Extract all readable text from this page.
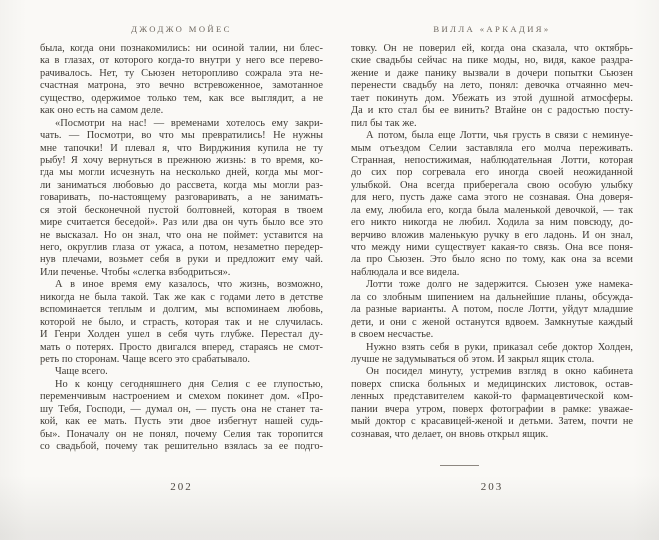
ДЖОДЖО МОЙЕС	ВИЛЛА «АРКАДИЯ»
была, когда они познакомились: ни осиной талии, ни блес-
ка в глазах, от которого когда-то внутри у него все перево-
рачивалось. Нет, ту Сьюзен неторопливо сожрала эта не-
счастная матрона, это вечно встревоженное, замотанное
существо, одержимое только тем, как все выглядит, а не
как оно есть на самом деле.
«Посмотри на нас! — временами хотелось ему закри-
чать. — Посмотри, во что мы превратились! Не нужны
мне тапочки! И плевал я, что Вирджиния купила не ту
рыбу! Я хочу вернуться в прежнюю жизнь: в то время, ко-
гда мы могли исчезнуть на несколько дней, когда мы мог-
ли заниматься любовью до рассвета, когда мы могли раз-
говаривать, по-настоящему разговаривать, а не занимать-
ся этой бесконечной пустой болтовней, которая в твоем
мире считается беседой». Раз или два он чуть было все это
не высказал. Но он знал, что она не поймет: уставится на
него, округлив глаза от ужаса, а потом, незаметно передер-
нув плечами, возьмет себя в руки и предложит ему чай.
Или печенье. Чтобы «слегка взбодриться».
А в иное время ему казалось, что жизнь, возможно,
никогда не была такой. Так же как с годами лето в детстве
вспоминается теплым и долгим, мы вспоминаем любовь,
которой не было, и страсть, которая так и не случилась.
И Генри Холден ушел в себя чуть глубже. Перестал ду-
мать о потерях. Просто двигался вперед, стараясь не смот-
реть по сторонам. Чаще всего это срабатывало.
Чаще всего.
Но к концу сегодняшнего дня Селия с ее глупостью,
переменчивым настроением и смехом покинет дом. «Про-
шу Тебя, Господи, — думал он, — пусть она не станет та-
кой, как ее мать. Пусть эти двое избегнут нашей судь-
бы». Поначалу он не понял, почему Селия так торопится
со свадьбой, почему так решительно взялась за ее подго-
товку. Он не поверил ей, когда она сказала, что октябрь-
ские свадьбы сейчас на пике моды, но, видя, какое раздра-
жение и даже панику вызвали в дочери попытки Сьюзен
перенести свадьбу на лето, понял: девочка отчаянно меч-
тает покинуть дом. Убежать из этой душной атмосферы.
Да и кто стал бы ее винить? Втайне он с радостью посту-
пил бы так же.
А потом, была еще Лотти, чья грусть в связи с неминуе-
мым отъездом Селии заставляла его молча переживать.
Странная, непостижимая, наблюдательная Лотти, которая
до сих пор согревала его иногда своей неожиданной
улыбкой. Она всегда приберегала свою особую улыбку
для него, пусть даже сама этого не сознавая. Она доверя-
ла ему, любила его, когда была маленькой девочкой, — так
его никто никогда не любил. Ходила за ним повсюду, до-
верчиво вложив маленькую ручку в его ладонь. И он знал,
что между ними существует какая-то связь. Она все поня-
ла про Сьюзен. Это было ясно по тому, как она за всеми
наблюдала и все видела.
Лотти тоже долго не задержится. Сьюзен уже намека-
ла со злобным шипением на дальнейшие планы, обсужда-
ла разные варианты. А потом, после Лотти, уйдут младшие
дети, и они с женой останутся вдвоем. Замкнутые каждый
в своем несчастье.
Нужно взять себя в руки, приказал себе доктор Холден,
лучше не задумываться об этом. И закрыл ящик стола.
Он посидел минуту, устремив взгляд в окно кабинета
поверх списка больных и медицинских листовок, остав-
ленных представителем какой-то фармацевтической ком-
пании вчера утром, поверх фотографии в рамке: уважае-
мый доктор с красавицей-женой и детьми. Затем, почти не
сознавая, что делает, он вновь открыл ящик.
202	203
